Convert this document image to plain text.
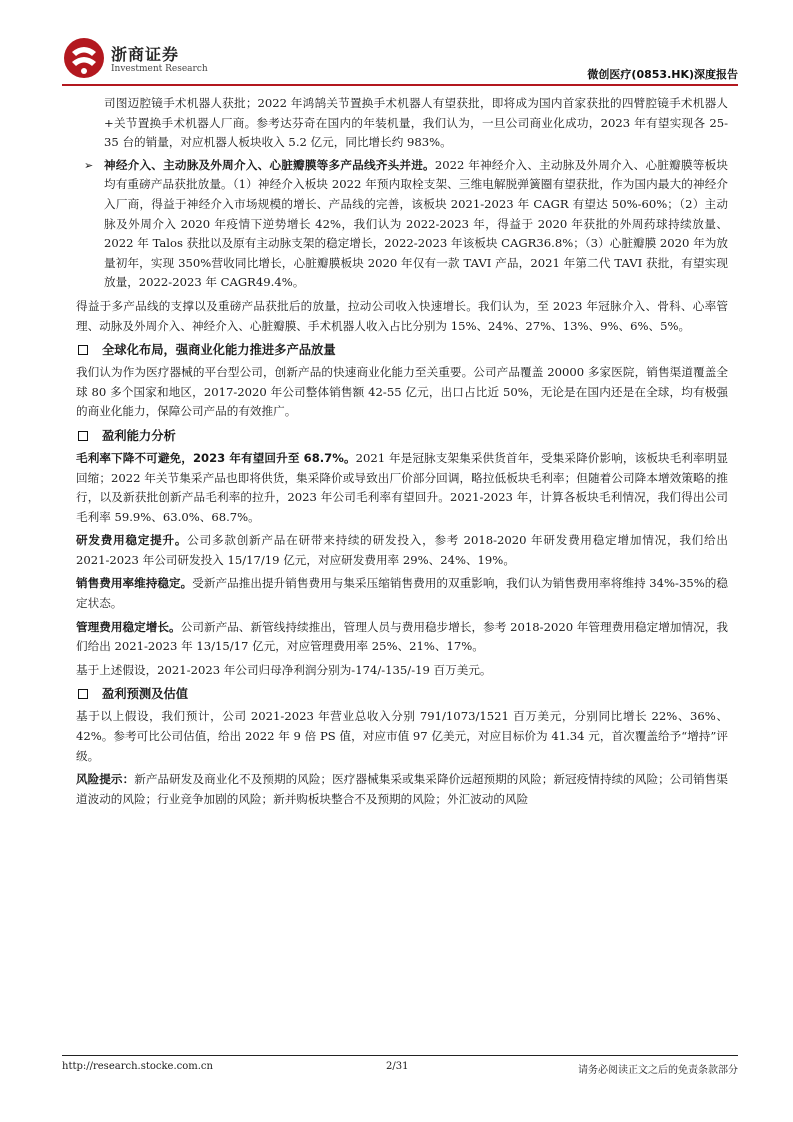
浙商证券
Investment Research	微创医疗(0853.HK)深度报告

司图迈腔镜手术机器人获批；2022 年鸿鹄关节置换手术机器人有望获批，即将成为国内首家获批的四臂腔镜手术机器人+关节置换手术机器人厂商。参考达芬奇在国内的年装机量，我们认为，一旦公司商业化成功，2023 年有望实现各 25-35 台的销量，对应机器人板块收入 5.2 亿元，同比增长约 983%。

➢ 神经介入、主动脉及外周介入、心脏瓣膜等多产品线齐头并进。2022 年神经介入、主动脉及外周介入、心脏瓣膜等板块均有重磅产品获批放量。（1）神经介入板块 2022 年预内取栓支架、三维电解脱弹簧圈有望获批，作为国内最大的神经介入厂商，得益于神经介入市场规模的增长、产品线的完善，该板块 2021-2023 年 CAGR 有望达 50%-60%；（2）主动脉及外周介入 2020 年疫情下逆势增长 42%，我们认为 2022-2023 年，得益于 2020 年获批的外周药球持续放量、2022 年 Talos 获批以及原有主动脉支架的稳定增长，2022-2023 年该板块 CAGR36.8%；（3）心脏瓣膜 2020 年为放量初年，实现 350%营收同比增长，心脏瓣膜板块 2020 年仅有一款 TAVI 产品，2021 年第二代 TAVI 获批，有望实现放量，2022-2023 年 CAGR49.4%。

得益于多产品线的支撑以及重磅产品获批后的放量，拉动公司收入快速增长。我们认为，至 2023 年冠脉介入、骨科、心率管理、动脉及外周介入、神经介入、心脏瓣膜、手术机器人收入占比分别为 15%、24%、27%、13%、9%、6%、5%。

全球化布局，强商业化能力推进多产品放量

我们认为作为医疗器械的平台型公司，创新产品的快速商业化能力至关重要。公司产品覆盖 20000 多家医院，销售渠道覆盖全球 80 多个国家和地区，2017-2020 年公司整体销售额 42-55 亿元，出口占比近 50%，无论是在国内还是在全球，均有极强的商业化能力，保障公司产品的有效推广。

盈利能力分析

毛利率下降不可避免，2023 年有望回升至 68.7%。2021 年是冠脉支架集采供货首年，受集采降价影响，该板块毛利率明显回缩；2022 年关节集采产品也即将供货，集采降价或导致出厂价部分回调，略拉低板块毛利率；但随着公司降本增效策略的推行，以及新获批创新产品毛利率的拉升，2023 年公司毛利率有望回升。2021-2023 年，计算各板块毛利情况，我们得出公司毛利率 59.9%、63.0%、68.7%。

研发费用稳定提升。公司多款创新产品在研带来持续的研发投入，参考 2018-2020 年研发费用稳定增加情况，我们给出 2021-2023 年公司研发投入 15/17/19 亿元，对应研发费用率 29%、24%、19%。

销售费用率维持稳定。受新产品推出提升销售费用与集采压缩销售费用的双重影响，我们认为销售费用率将维持 34%-35%的稳定状态。

管理费用稳定增长。公司新产品、新管线持续推出，管理人员与费用稳步增长，参考 2018-2020 年管理费用稳定增加情况，我们给出 2021-2023 年 13/15/17 亿元，对应管理费用率 25%、21%、17%。

基于上述假设，2021-2023 年公司归母净利润分别为-174/-135/-19 百万美元。

盈利预测及估值

基于以上假设，我们预计，公司 2021-2023 年营业总收入分别 791/1073/1521 百万美元，分别同比增长 22%、36%、42%。参考可比公司估值，给出 2022 年 9 倍 PS 值，对应市值 97 亿美元，对应目标价为 41.34 元，首次覆盖给予“增持”评级。

风险提示：新产品研发及商业化不及预期的风险；医疗器械集采或集采降价远超预期的风险；新冠疫情持续的风险；公司销售渠道波动的风险；行业竞争加剧的风险；新并购板块整合不及预期的风险；外汇波动的风险

http://research.stocke.com.cn	2/31	请务必阅读正文之后的免责条款部分
